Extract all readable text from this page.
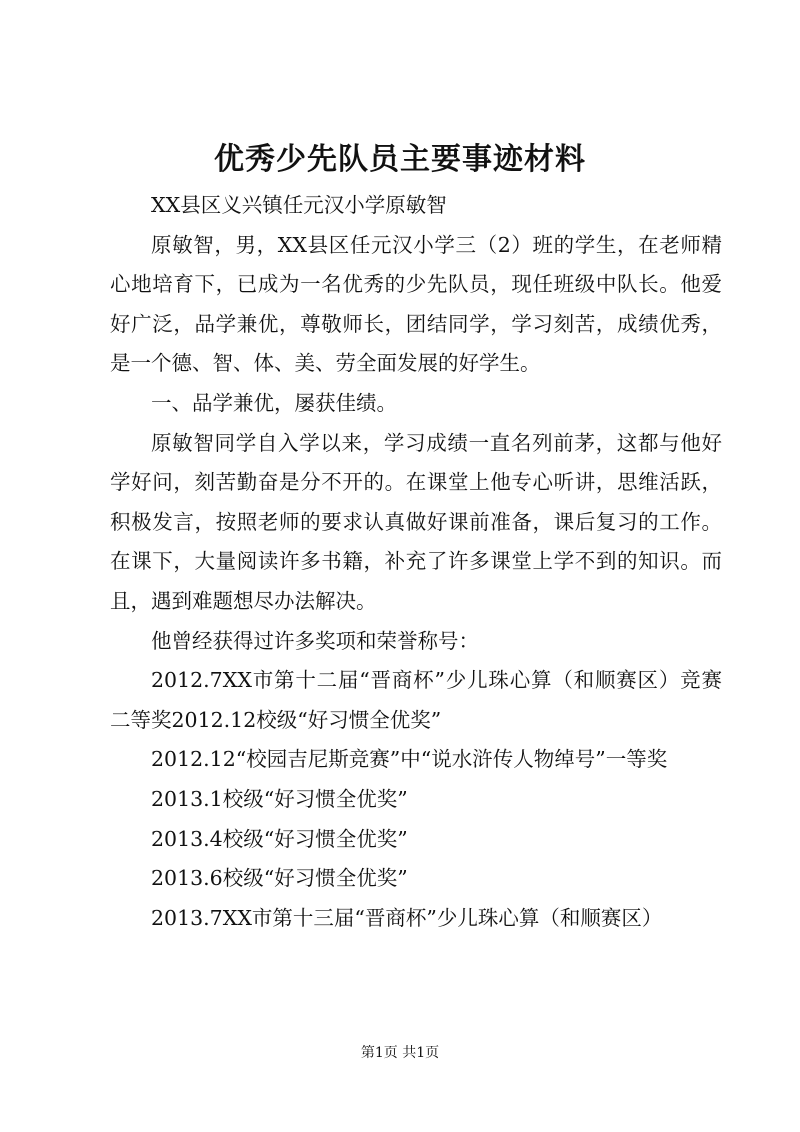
优秀少先队员主要事迹材料

XX县区义兴镇任元汉小学原敏智

原敏智，男，XX县区任元汉小学三（2）班的学生，在老师精心地培育下，已成为一名优秀的少先队员，现任班级中队长。他爱好广泛，品学兼优，尊敬师长，团结同学，学习刻苦，成绩优秀，是一个德、智、体、美、劳全面发展的好学生。

一、品学兼优，屡获佳绩。

原敏智同学自入学以来，学习成绩一直名列前茅，这都与他好学好问，刻苦勤奋是分不开的。在课堂上他专心听讲，思维活跃，积极发言，按照老师的要求认真做好课前准备，课后复习的工作。在课下，大量阅读许多书籍，补充了许多课堂上学不到的知识。而且，遇到难题想尽办法解决。

他曾经获得过许多奖项和荣誉称号：

2012.7XX市第十二届“晋商杯”少儿珠心算（和顺赛区）竞赛二等奖2012.12校级“好习惯全优奖”

2012.12“校园吉尼斯竞赛”中“说水浒传人物绰号”一等奖

2013.1校级“好习惯全优奖”

2013.4校级“好习惯全优奖”

2013.6校级“好习惯全优奖”

2013.7XX市第十三届“晋商杯”少儿珠心算（和顺赛区）

第1页 共1页
